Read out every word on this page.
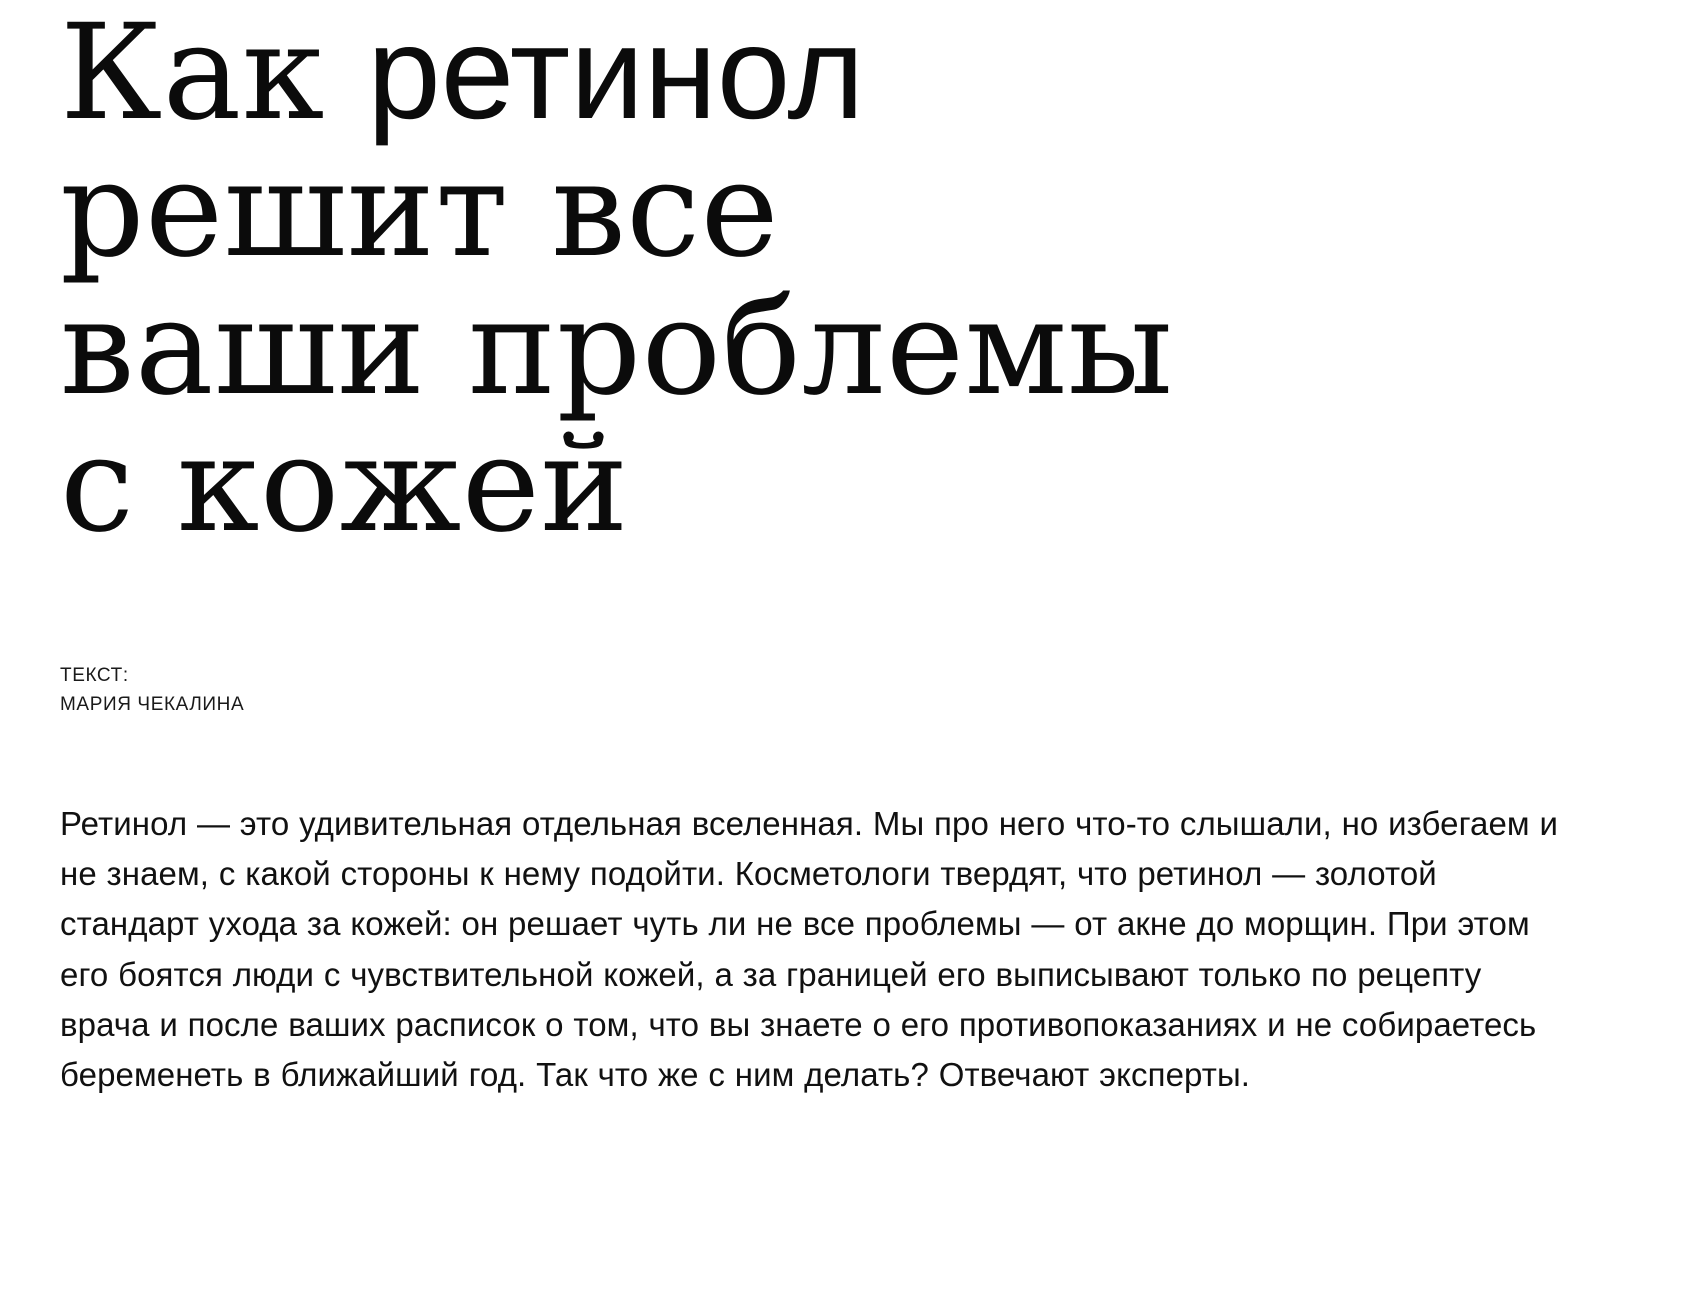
Как ретинол
решит все
ваши проблемы
с кожей
ТЕКСТ:
МАРИЯ ЧЕКАЛИНА

Ретинол — это удивительная отдельная вселенная. Мы про него что-то слышали, но избегаем и не знаем, с какой стороны к нему подойти. Косметологи твердят, что ретинол — золотой стандарт ухода за кожей: он решает чуть ли не все проблемы — от акне до морщин. При этом его боятся люди с чувствительной кожей, а за границей его выписывают только по рецепту врача и после ваших расписок о том, что вы знаете о его противопоказаниях и не собираетесь беременеть в ближайший год. Так что же с ним делать? Отвечают эксперты.
